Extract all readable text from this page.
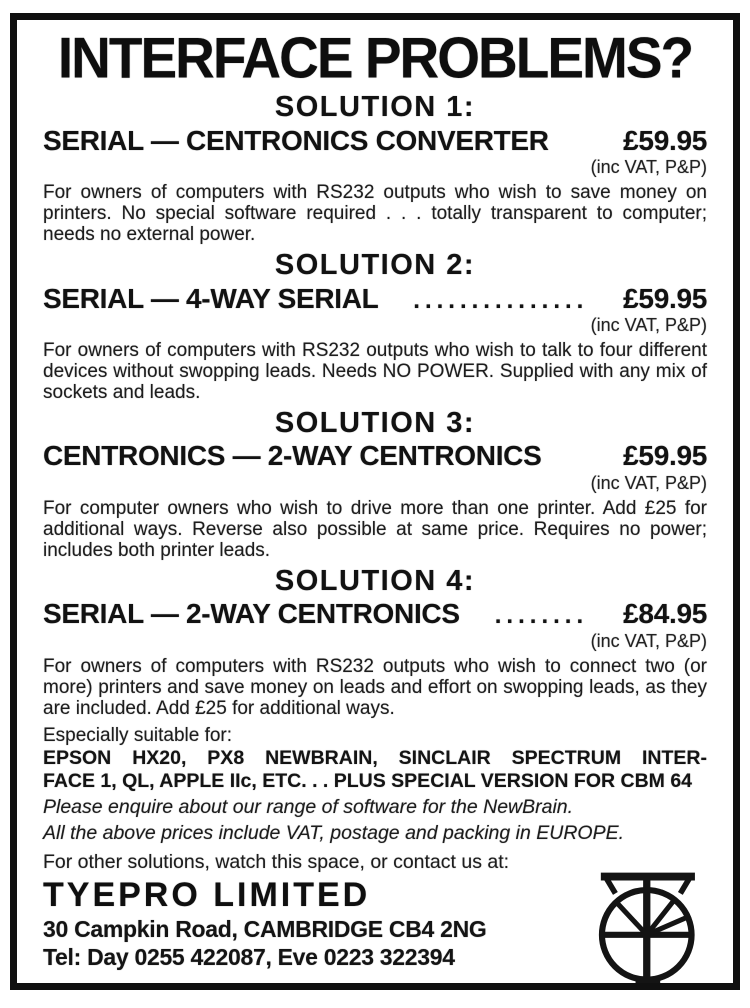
INTERFACE PROBLEMS?
SOLUTION 1:
SERIAL — CENTRONICS CONVERTER	£59.95
(inc VAT, P&P)
For owners of computers with RS232 outputs who wish to save money on printers. No special software required . . . totally transparent to computer; needs no external power.
SOLUTION 2:
SERIAL — 4-WAY SERIAL	...............	£59.95
(inc VAT, P&P)
For owners of computers with RS232 outputs who wish to talk to four different devices without swopping leads. Needs NO POWER. Supplied with any mix of sockets and leads.
SOLUTION 3:
CENTRONICS — 2-WAY CENTRONICS	£59.95
(inc VAT, P&P)
For computer owners who wish to drive more than one printer. Add £25 for additional ways. Reverse also possible at same price. Requires no power; includes both printer leads.
SOLUTION 4:
SERIAL — 2-WAY CENTRONICS	........	£84.95
(inc VAT, P&P)
For owners of computers with RS232 outputs who wish to connect two (or more) printers and save money on leads and effort on swopping leads, as they are included. Add £25 for additional ways.
Especially suitable for:
EPSON HX20, PX8 NEWBRAIN, SINCLAIR SPECTRUM INTER-
FACE 1, QL, APPLE IIc, ETC. . . PLUS SPECIAL VERSION FOR CBM 64
Please enquire about our range of software for the NewBrain.
All the above prices include VAT, postage and packing in EUROPE.
For other solutions, watch this space, or contact us at:
TYEPRO LIMITED
30 Campkin Road, CAMBRIDGE CB4 2NG
Tel: Day 0255 422087, Eve 0223 322394
